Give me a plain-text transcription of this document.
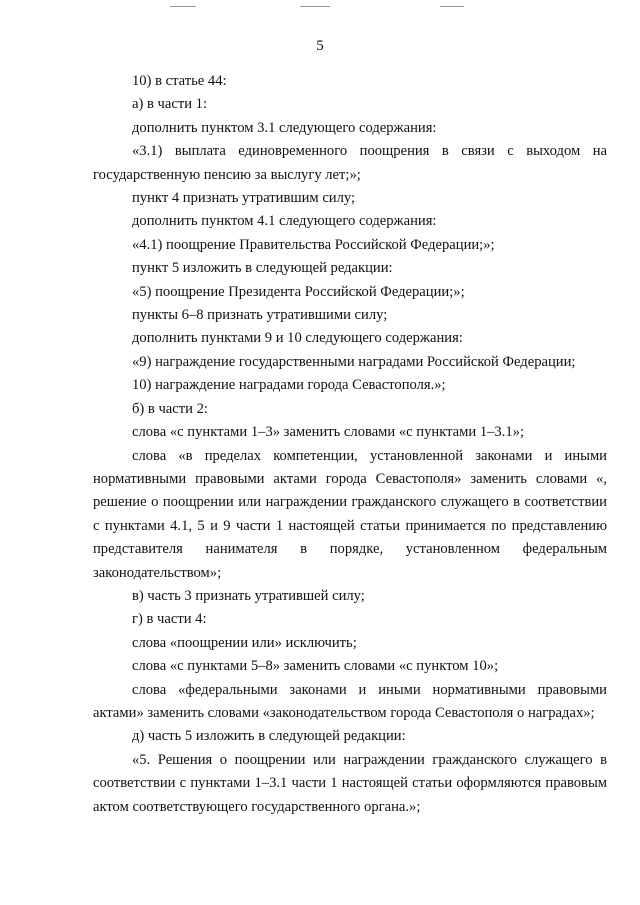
5

10) в статье 44:

а) в части 1:

дополнить пунктом 3.1 следующего содержания:

«3.1) выплата единовременного поощрения в связи с выходом на государственную пенсию за выслугу лет;»;

пункт 4 признать утратившим силу;

дополнить пунктом 4.1 следующего содержания:

«4.1) поощрение Правительства Российской Федерации;»;

пункт 5 изложить в следующей редакции:

«5) поощрение Президента Российской Федерации;»;

пункты 6–8 признать утратившими силу;

дополнить пунктами 9 и 10 следующего содержания:

«9) награждение государственными наградами Российской Федерации;

10) награждение наградами города Севастополя.»;

б) в части 2:

слова «с пунктами 1–3» заменить словами «с пунктами 1–3.1»;

слова «в пределах компетенции, установленной законами и иными нормативными правовыми актами города Севастополя» заменить словами «, решение о поощрении или награждении гражданского служащего в соответствии с пунктами 4.1, 5 и 9 части 1 настоящей статьи принимается по представлению представителя нанимателя в порядке, установленном федеральным законодательством»;

в) часть 3 признать утратившей силу;

г) в части 4:

слова «поощрении или» исключить;

слова «с пунктами 5–8» заменить словами «с пунктом 10»;

слова «федеральными законами и иными нормативными правовыми актами» заменить словами «законодательством города Севастополя о наградах»;

д) часть 5 изложить в следующей редакции:

«5. Решения о поощрении или награждении гражданского служащего в соответствии с пунктами 1–3.1 части 1 настоящей статьи оформляются правовым актом соответствующего государственного органа.»;
